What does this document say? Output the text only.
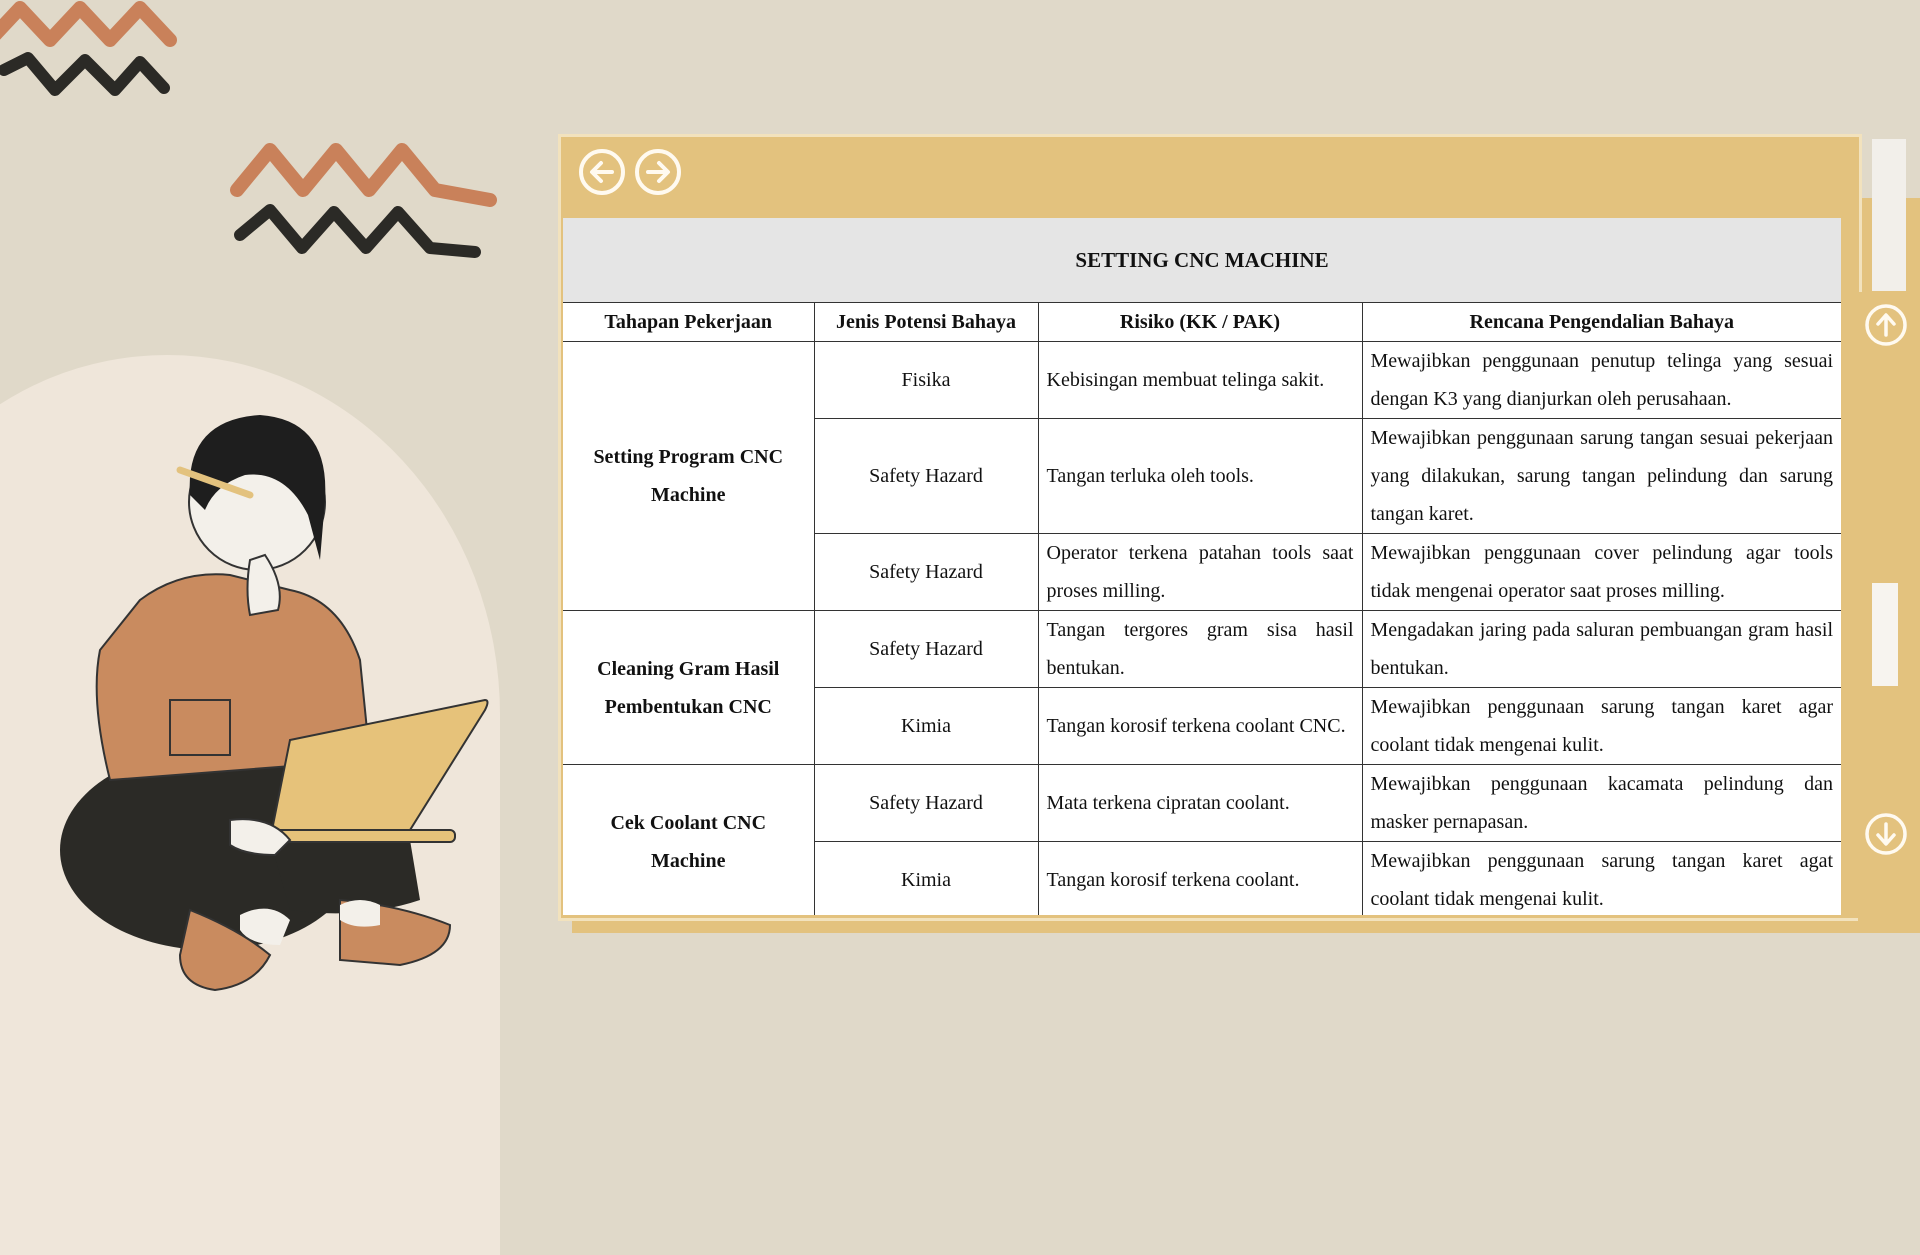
SETTING CNC MACHINE			
Tahapan Pekerjaan	Jenis Potensi Bahaya	Risiko (KK / PAK)	Rencana Pengendalian Bahaya
Setting Program CNC Machine	Fisika	Kebisingan membuat telinga sakit.	Mewajibkan penggunaan penutup telinga yang sesuai dengan K3 yang dianjurkan oleh perusahaan.
	Safety Hazard	Tangan terluka oleh tools.	Mewajibkan penggunaan sarung tangan sesuai pekerjaan yang dilakukan, sarung tangan pelindung dan sarung tangan karet.
	Safety Hazard	Operator terkena patahan tools saat proses milling.	Mewajibkan penggunaan cover pelindung agar tools tidak mengenai operator saat proses milling.
Cleaning Gram Hasil Pembentukan CNC	Safety Hazard	Tangan tergores gram sisa hasil bentukan.	Mengadakan jaring pada saluran pembuangan gram hasil bentukan.
	Kimia	Tangan korosif terkena coolant CNC.	Mewajibkan penggunaan sarung tangan karet agar coolant tidak mengenai kulit.
Cek Coolant CNC Machine	Safety Hazard	Mata terkena cipratan coolant.	Mewajibkan penggunaan kacamata pelindung dan masker pernapasan.
	Kimia	Tangan korosif terkena coolant.	Mewajibkan penggunaan sarung tangan karet agat coolant tidak mengenai kulit.
